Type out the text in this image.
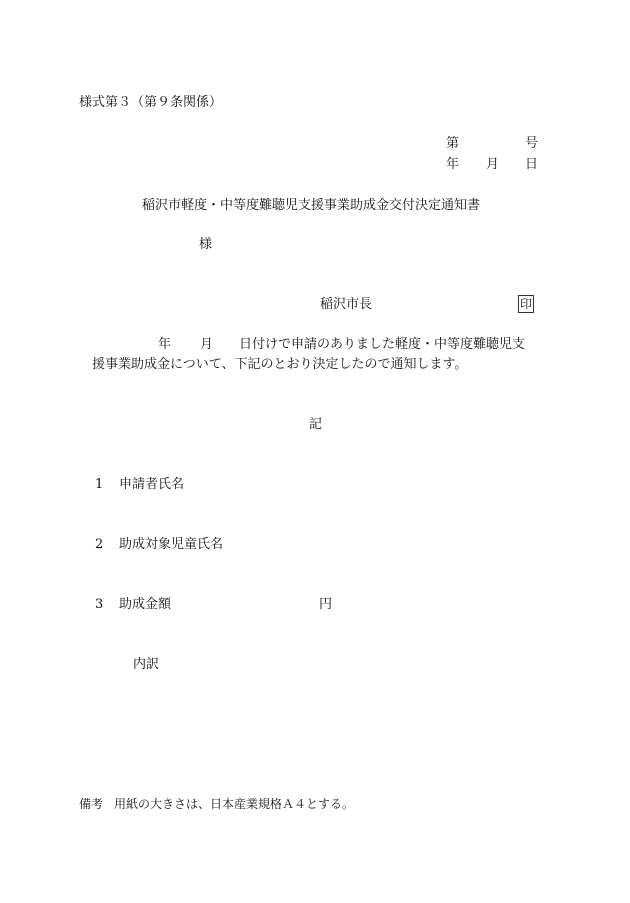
様式第３（第９条関係）
第	号
年 月 日
稲沢市軽度・中等度難聴児支援事業助成金交付決定通知書
様
稲沢市長	印
年 月 日付けで申請のありました軽度・中等度難聴児支
援事業助成金について、下記のとおり決定したので通知します。
記
1 申請者氏名
2 助成対象児童氏名
3 助成金額	円
内訳
備考 用紙の大きさは、日本産業規格Ａ４とする。
